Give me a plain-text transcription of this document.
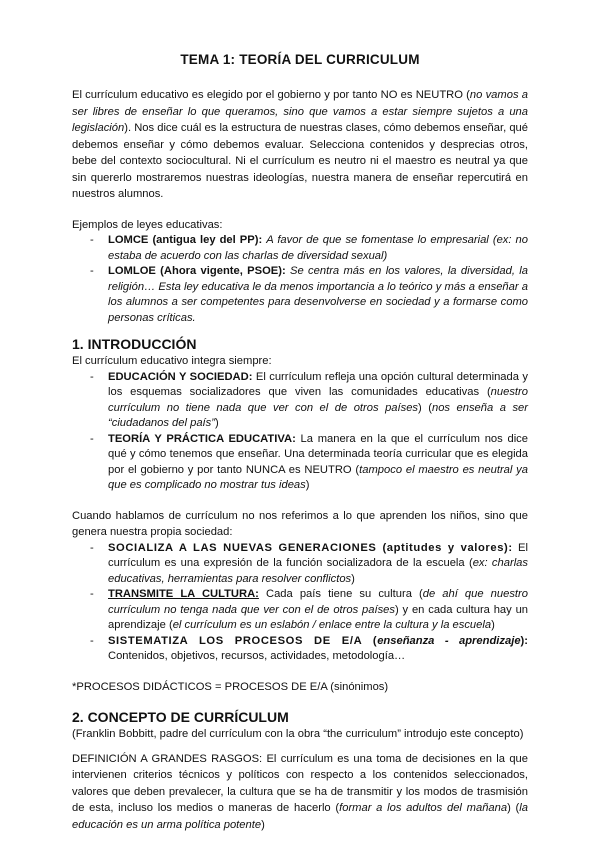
TEMA 1: TEORÍA DEL CURRICULUM

El currículum educativo es elegido por el gobierno y por tanto NO es NEUTRO (no vamos a ser libres de enseñar lo que queramos, sino que vamos a estar siempre sujetos a una legislación). Nos dice cuál es la estructura de nuestras clases, cómo debemos enseñar, qué debemos enseñar y cómo debemos evaluar. Selecciona contenidos y desprecias otros, bebe del contexto sociocultural. Ni el currículum es neutro ni el maestro es neutral ya que sin quererlo mostraremos nuestras ideologías, nuestra manera de enseñar repercutirá en nuestros alumnos.

Ejemplos de leyes educativas:

- LOMCE (antigua ley del PP): A favor de que se fomentase lo empresarial (ex: no estaba de acuerdo con las charlas de diversidad sexual)
- LOMLOE (Ahora vigente, PSOE): Se centra más en los valores, la diversidad, la religión… Esta ley educativa le da menos importancia a lo teórico y más a enseñar a los alumnos a ser competentes para desenvolverse en sociedad y a formarse como personas críticas.
1. INTRODUCCIÓN

El currículum educativo integra siempre:

- EDUCACIÓN Y SOCIEDAD: El currículum refleja una opción cultural determinada y los esquemas socializadores que viven las comunidades educativas (nuestro currículum no tiene nada que ver con el de otros países) (nos enseña a ser “ciudadanos del país”)
- TEORÍA Y PRÁCTICA EDUCATIVA: La manera en la que el currículum nos dice qué y cómo tenemos que enseñar. Una determinada teoría curricular que es elegida por el gobierno y por tanto NUNCA es NEUTRO (tampoco el maestro es neutral ya que es complicado no mostrar tus ideas)

Cuando hablamos de currículum no nos referimos a lo que aprenden los niños, sino que genera nuestra propia sociedad:

- SOCIALIZA A LAS NUEVAS GENERACIONES (aptitudes y valores): El currículum es una expresión de la función socializadora de la escuela (ex: charlas educativas, herramientas para resolver conflictos)
- TRANSMITE LA CULTURA: Cada país tiene su cultura (de ahí que nuestro currículum no tenga nada que ver con el de otros países) y en cada cultura hay un aprendizaje (el currículum es un eslabón / enlace entre la cultura y la escuela)
- SISTEMATIZA LOS PROCESOS DE E/A (enseñanza - aprendizaje): Contenidos, objetivos, recursos, actividades, metodología…

*PROCESOS DIDÁCTICOS = PROCESOS DE E/A (sinónimos)

2. CONCEPTO DE CURRÍCULUM

(Franklin Bobbitt, padre del currículum con la obra “the curriculum” introdujo este concepto)

DEFINICIÓN A GRANDES RASGOS: El currículum es una toma de decisiones en la que intervienen criterios técnicos y políticos con respecto a los contenidos seleccionados, valores que deben prevalecer, la cultura que se ha de transmitir y los modos de trasmisión de esta, incluso los medios o maneras de hacerlo (formar a los adultos del mañana) (la educación es un arma política potente)
